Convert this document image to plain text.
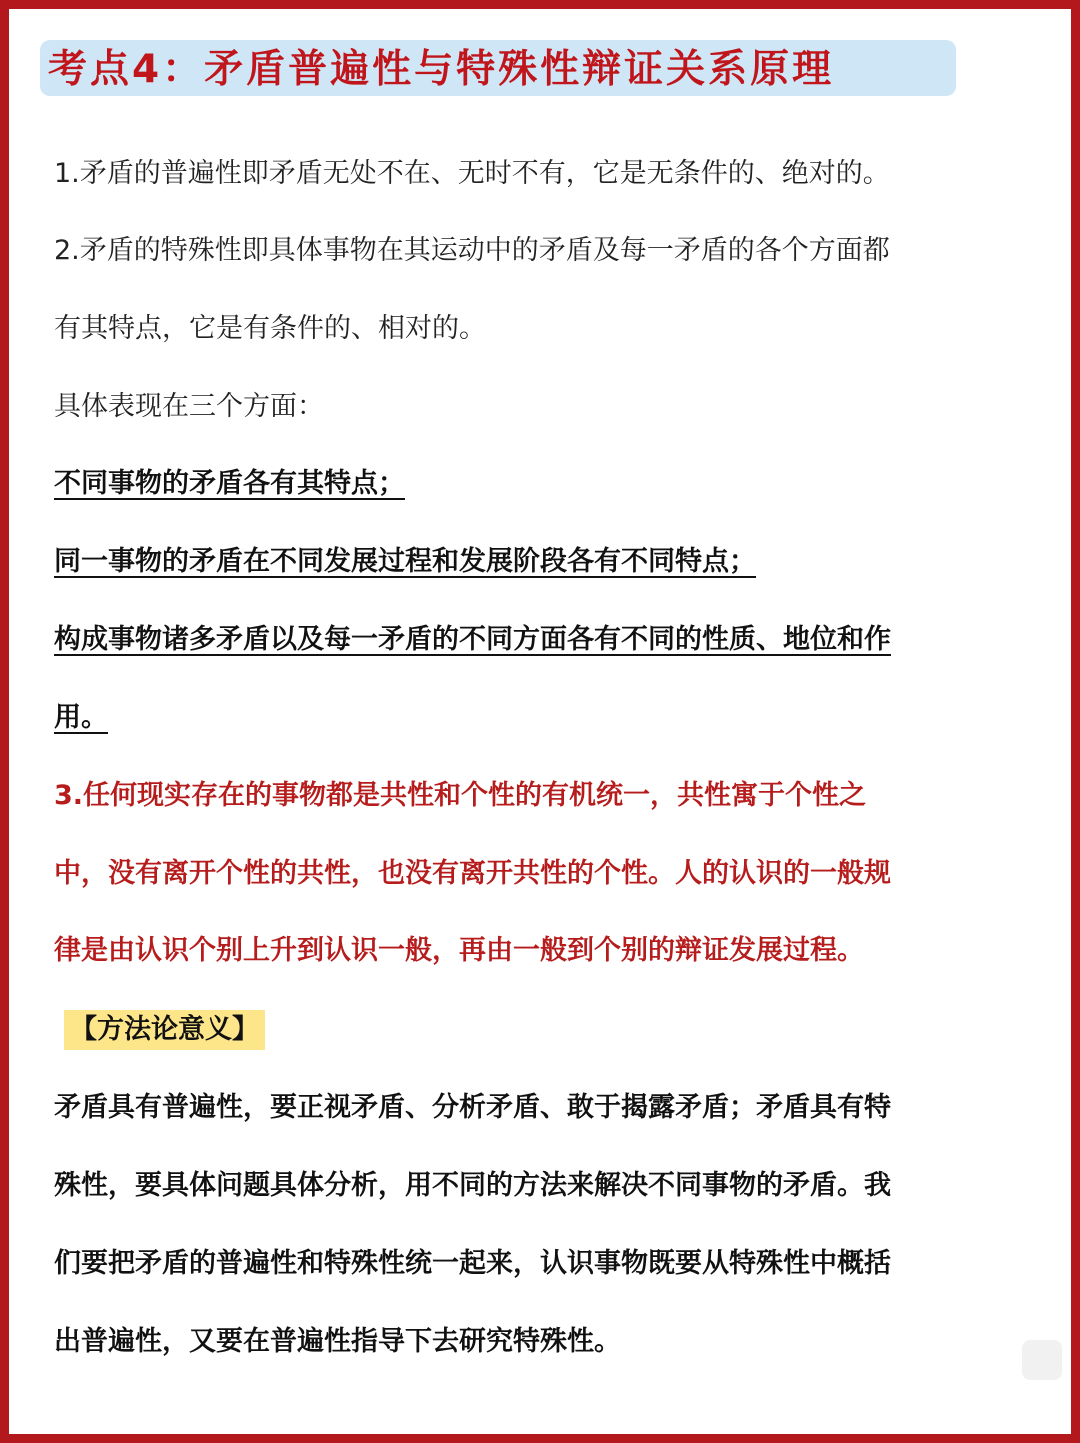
考点4：矛盾普遍性与特殊性辩证关系原理
1.矛盾的普遍性即矛盾无处不在、无时不有，它是无条件的、绝对的。
2.矛盾的特殊性即具体事物在其运动中的矛盾及每一矛盾的各个方面都
有其特点，它是有条件的、相对的。
具体表现在三个方面：
不同事物的矛盾各有其特点；
同一事物的矛盾在不同发展过程和发展阶段各有不同特点；
构成事物诸多矛盾以及每一矛盾的不同方面各有不同的性质、地位和作
用。
3.任何现实存在的事物都是共性和个性的有机统一，共性寓于个性之
中，没有离开个性的共性，也没有离开共性的个性。人的认识的一般规
律是由认识个别上升到认识一般，再由一般到个别的辩证发展过程。
【方法论意义】
矛盾具有普遍性，要正视矛盾、分析矛盾、敢于揭露矛盾；矛盾具有特
殊性，要具体问题具体分析，用不同的方法来解决不同事物的矛盾。我
们要把矛盾的普遍性和特殊性统一起来，认识事物既要从特殊性中概括
出普遍性，又要在普遍性指导下去研究特殊性。
